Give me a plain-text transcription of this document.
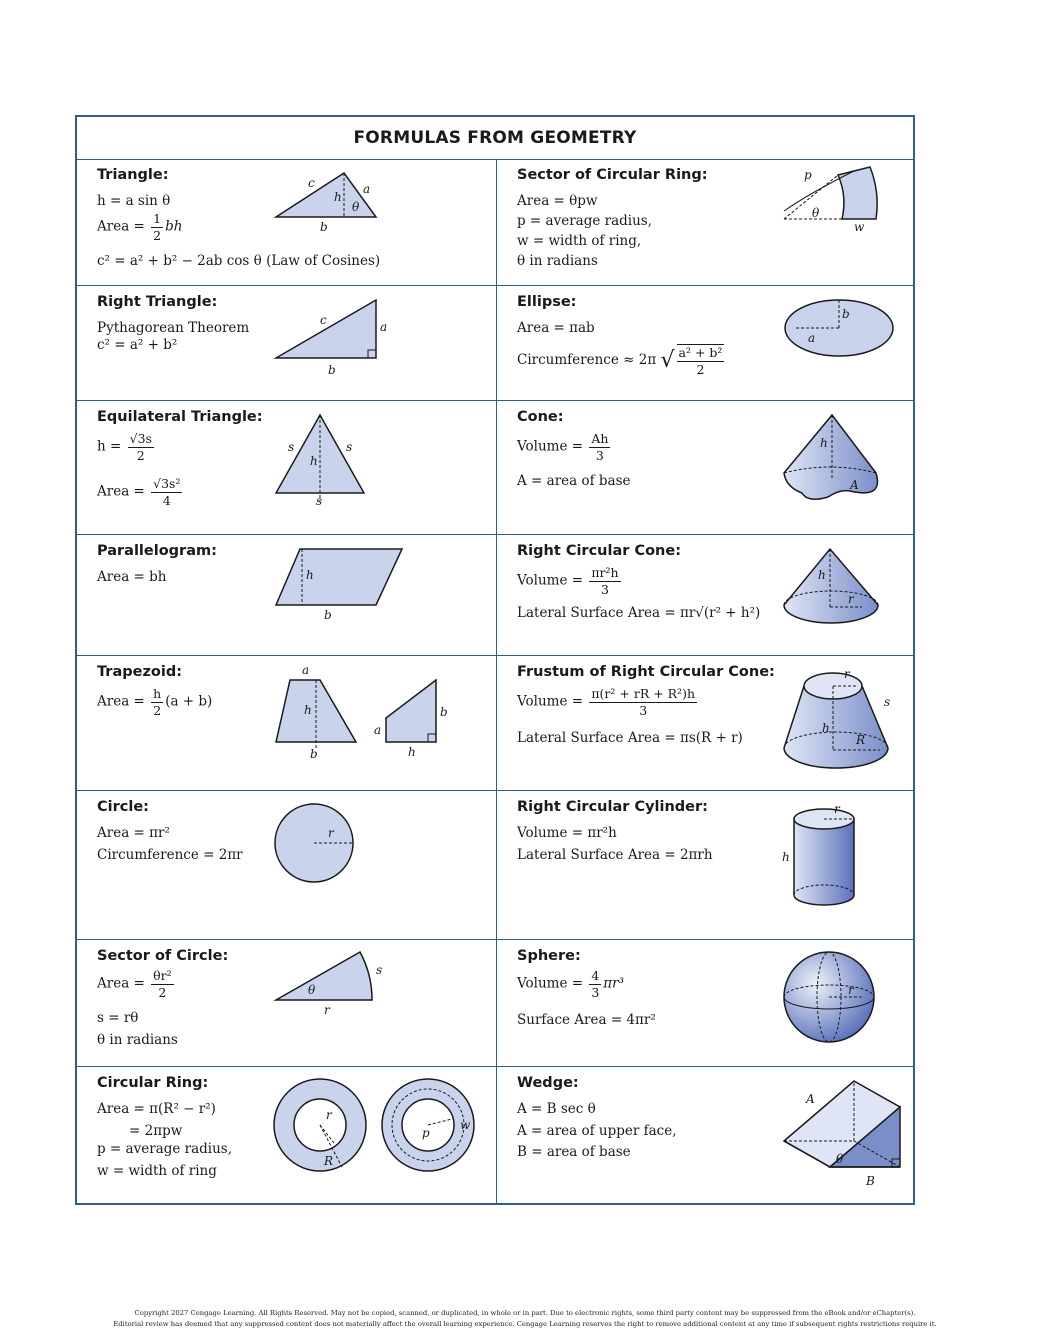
FORMULAS FROM GEOMETRY
Triangle:
h = a sin θ
Area = $\frac{1}{2}$ bh
c² = a² + b² − 2ab cos θ (Law of Cosines)
c	a
h
θ
b
Sector of Circular Ring:
Area = θpw
p = average radius,
w = width of ring,
θ in radians
p
θ
w
Right Triangle:
Pythagorean Theorem
c² = a² + b²
c	a
b
Ellipse:
Area = πab
Circumference ≈ 2π √ $\frac{\text{a² + b²}}{2}$
a
b
Equilateral Triangle:
$h = \frac{√3s}{2}$
Area = $\frac{\text{√3s²}}{4}$
s	s
h
s
Cone:
Volume = $\frac{Ah}{3}$
A = area of base
h
A
Parallelogram:
Area = bh	h
b
Right Circular Cone:
Volume = $\frac{\text{πr²h}}{3}$
Lateral Surface Area = πr√(r² + h²)
h
r
Trapezoid:
Area = $\frac{h}{2} (a + b)$
a
h
b
a
b
h
Frustum of Right Circular Cone:
Volume = $\frac{\text{π(r² + rR + R²)h}}{3}$
Lateral Surface Area = πs(R + r)
r
s
h
R
Circle:
Area = πr²
Circumference = 2πr
r
Right Circular Cylinder:
Volume = πr²h
Lateral Surface Area = 2πrh
r
h
Sector of Circle:
Area = $\frac{\text{θr²}}{2}$
s = rθ
θ in radians
s
θ
r
Sphere:
Volume = $\frac{4}{3} \pi r^3$
Surface Area = 4πr²
r
Circular Ring:
Area = π(R² − r²)
= 2πpw
p = average radius,
w = width of ring
r
R
p
w
Wedge:
A = B sec θ
A = area of upper face,
B = area of base
A
θ
B
Copyright 2027 Cengage Learning. All Rights Reserved. May not be copied, scanned, or duplicated, in whole or in part. Due to electronic rights, some third party content may be suppressed from the eBook and/or eChapter(s).
Editorial review has deemed that any suppressed content does not materially affect the overall learning experience. Cengage Learning reserves the right to remove additional content at any time if subsequent rights restrictions require it.
